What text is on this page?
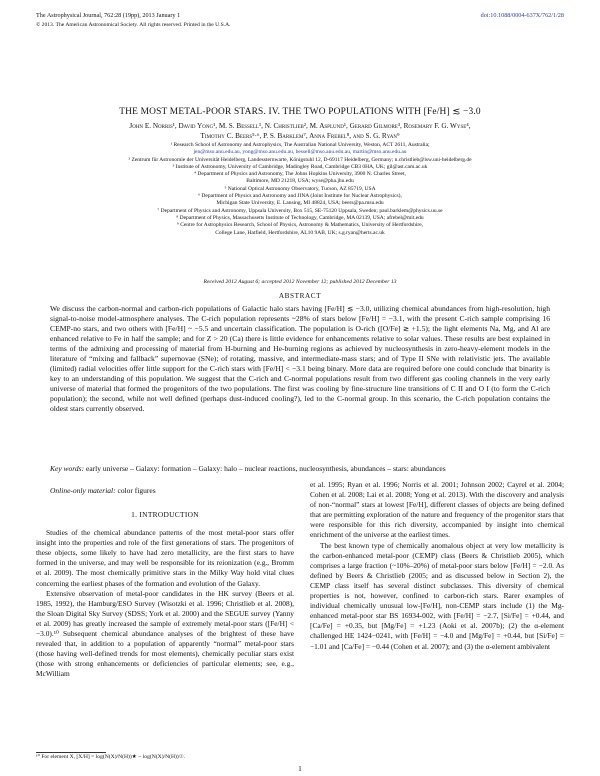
The Astrophysical Journal, 762:28 (19pp), 2013 January 1	doi:10.1088/0004-637X/762/1/28
© 2013. The American Astronomical Society. All rights reserved. Printed in the U.S.A.
THE MOST METAL-POOR STARS. IV. THE TWO POPULATIONS WITH [Fe/H] ≲ −3.0
John E. Norris¹, David Yong¹, M. S. Bessell¹, N. Christlieb², M. Asplund¹, Gerard Gilmore³, Rosemary F. G. Wyse⁴,
Timothy C. Beers⁵·⁶, P. S. Barklem⁷, Anna Frebel⁸, and S. G. Ryan⁹
¹ Research School of Astronomy and Astrophysics, The Australian National University, Weston, ACT 2611, Australia;
jen@mso.anu.edu.au, yong@mso.anu.edu.au, bessell@mso.anu.edu.au, martin@mso.anu.edu.au
² Zentrum für Astronomie der Universität Heidelberg, Landessternwarte, Königstuhl 12, D-69117 Heidelberg, Germany; n.christlieb@lsw.uni-heidelberg.de
³ Institute of Astronomy, University of Cambridge, Madingley Road, Cambridge CB3 0HA, UK; gil@ast.cam.ac.uk
⁴ Department of Physics and Astronomy, The Johns Hopkins University, 3900 N. Charles Street,
Baltimore, MD 21218, USA; wyse@pha.jhu.edu
⁵ National Optical Astronomy Observatory, Tucson, AZ 85719, USA
⁶ Department of Physics and Astronomy and JINA (Joint Institute for Nuclear Astrophysics),
Michigan State University, E. Lansing, MI 48824, USA; beers@pa.msu.edu
⁷ Department of Physics and Astronomy, Uppsala University, Box 515, SE-75120 Uppsala, Sweden; paul.barklem@physics.uu.se
⁸ Department of Physics, Massachusetts Institute of Technology, Cambridge, MA 02139, USA; afrebel@mit.edu
⁹ Centre for Astrophysics Research, School of Physics, Astronomy & Mathematics, University of Hertfordshire,
College Lane, Hatfield, Hertfordshire, AL10 9AB, UK; s.g.ryan@herts.ac.uk
Received 2012 August 6; accepted 2012 November 12; published 2012 December 13
ABSTRACT
We discuss the carbon-normal and carbon-rich populations of Galactic halo stars having [Fe/H] ≲ −3.0, utilizing chemical abundances from high-resolution, high signal-to-noise model-atmosphere analyses. The C-rich population represents ~28% of stars below [Fe/H] = −3.1, with the present C-rich sample comprising 16 CEMP-no stars, and two others with [Fe/H] ~ −5.5 and uncertain classification. The population is O-rich ([O/Fe] ≳ +1.5); the light elements Na, Mg, and Al are enhanced relative to Fe in half the sample; and for Z > 20 (Ca) there is little evidence for enhancements relative to solar values. These results are best explained in terms of the admixing and processing of material from H-burning and He-burning regions as achieved by nucleosynthesis in zero-heavy-element models in the literature of “mixing and fallback” supernovae (SNe); of rotating, massive, and intermediate-mass stars; and of Type II SNe with relativistic jets. The available (limited) radial velocities offer little support for the C-rich stars with [Fe/H] < −3.1 being binary. More data are required before one could conclude that binarity is key to an understanding of this population. We suggest that the C-rich and C-normal populations result from two different gas cooling channels in the very early universe of material that formed the progenitors of the two populations. The first was cooling by fine-structure line transitions of C II and O I (to form the C-rich population); the second, while not well defined (perhaps dust-induced cooling?), led to the C-normal group. In this scenario, the C-rich population contains the oldest stars currently observed.
Key words: early universe – Galaxy: formation – Galaxy: halo – nuclear reactions, nucleosynthesis, abundances – stars: abundances
Online-only material: color figures
1. INTRODUCTION

Studies of the chemical abundance patterns of the most metal-poor stars offer insight into the properties and role of the first generations of stars. The progenitors of these objects, some likely to have had zero metallicity, are the first stars to have formed in the universe, and may well be responsible for its reionization (e.g., Bromm et al. 2009). The most chemically primitive stars in the Milky Way hold vital clues concerning the earliest phases of the formation and evolution of the Galaxy.

Extensive observation of metal-poor candidates in the HK survey (Beers et al. 1985, 1992), the Hamburg/ESO Survey (Wisotzki et al. 1996; Christlieb et al. 2008), the Sloan Digital Sky Survey (SDSS; York et al. 2000) and the SEGUE survey (Yanny et al. 2009) has greatly increased the sample of extremely metal-poor stars ([Fe/H] < −3.0).¹⁰ Subsequent chemical abundance analyses of the brightest of these have revealed that, in addition to a population of apparently “normal” metal-poor stars (those having well-defined trends for most elements), chemically peculiar stars exist (those with strong enhancements or deficiencies of particular elements; see, e.g., McWilliam

et al. 1995; Ryan et al. 1996; Norris et al. 2001; Johnson 2002; Cayrel et al. 2004; Cohen et al. 2008; Lai et al. 2008; Yong et al. 2013). With the discovery and analysis of non-“normal” stars at lowest [Fe/H], different classes of objects are being defined that are permitting exploration of the nature and frequency of the progenitor stars that were responsible for this rich diversity, accompanied by insight into chemical enrichment of the universe at the earliest times.

The best known type of chemically anomalous object at very low metallicity is the carbon-enhanced metal-poor (CEMP) class (Beers & Christlieb 2005), which comprises a large fraction (~10%–20%) of metal-poor stars below [Fe/H] = −2.0. As defined by Beers & Christlieb (2005; and as discussed below in Section 2), the CEMP class itself has several distinct subclasses. This diversity of chemical properties is not, however, confined to carbon-rich stars. Rarer examples of individual chemically unusual low-[Fe/H], non-CEMP stars include (1) the Mg-enhanced metal-poor star BS 16934-002, with [Fe/H] = −2.7, [Si/Fe] = +0.44, and [Ca/Fe] = +0.35, but [Mg/Fe] = +1.23 (Aoki et al. 2007b); (2) the α-element challenged HE 1424−0241, with [Fe/H] = −4.0 and [Mg/Fe] = +0.44, but [Si/Fe] = −1.01 and [Ca/Fe] = −0.44 (Cohen et al. 2007); and (3) the α-element ambivalent

¹⁰ For element X, [X/H] = log(N(X)/N(H))★ − log(N(X)/N(H))☉.
1
